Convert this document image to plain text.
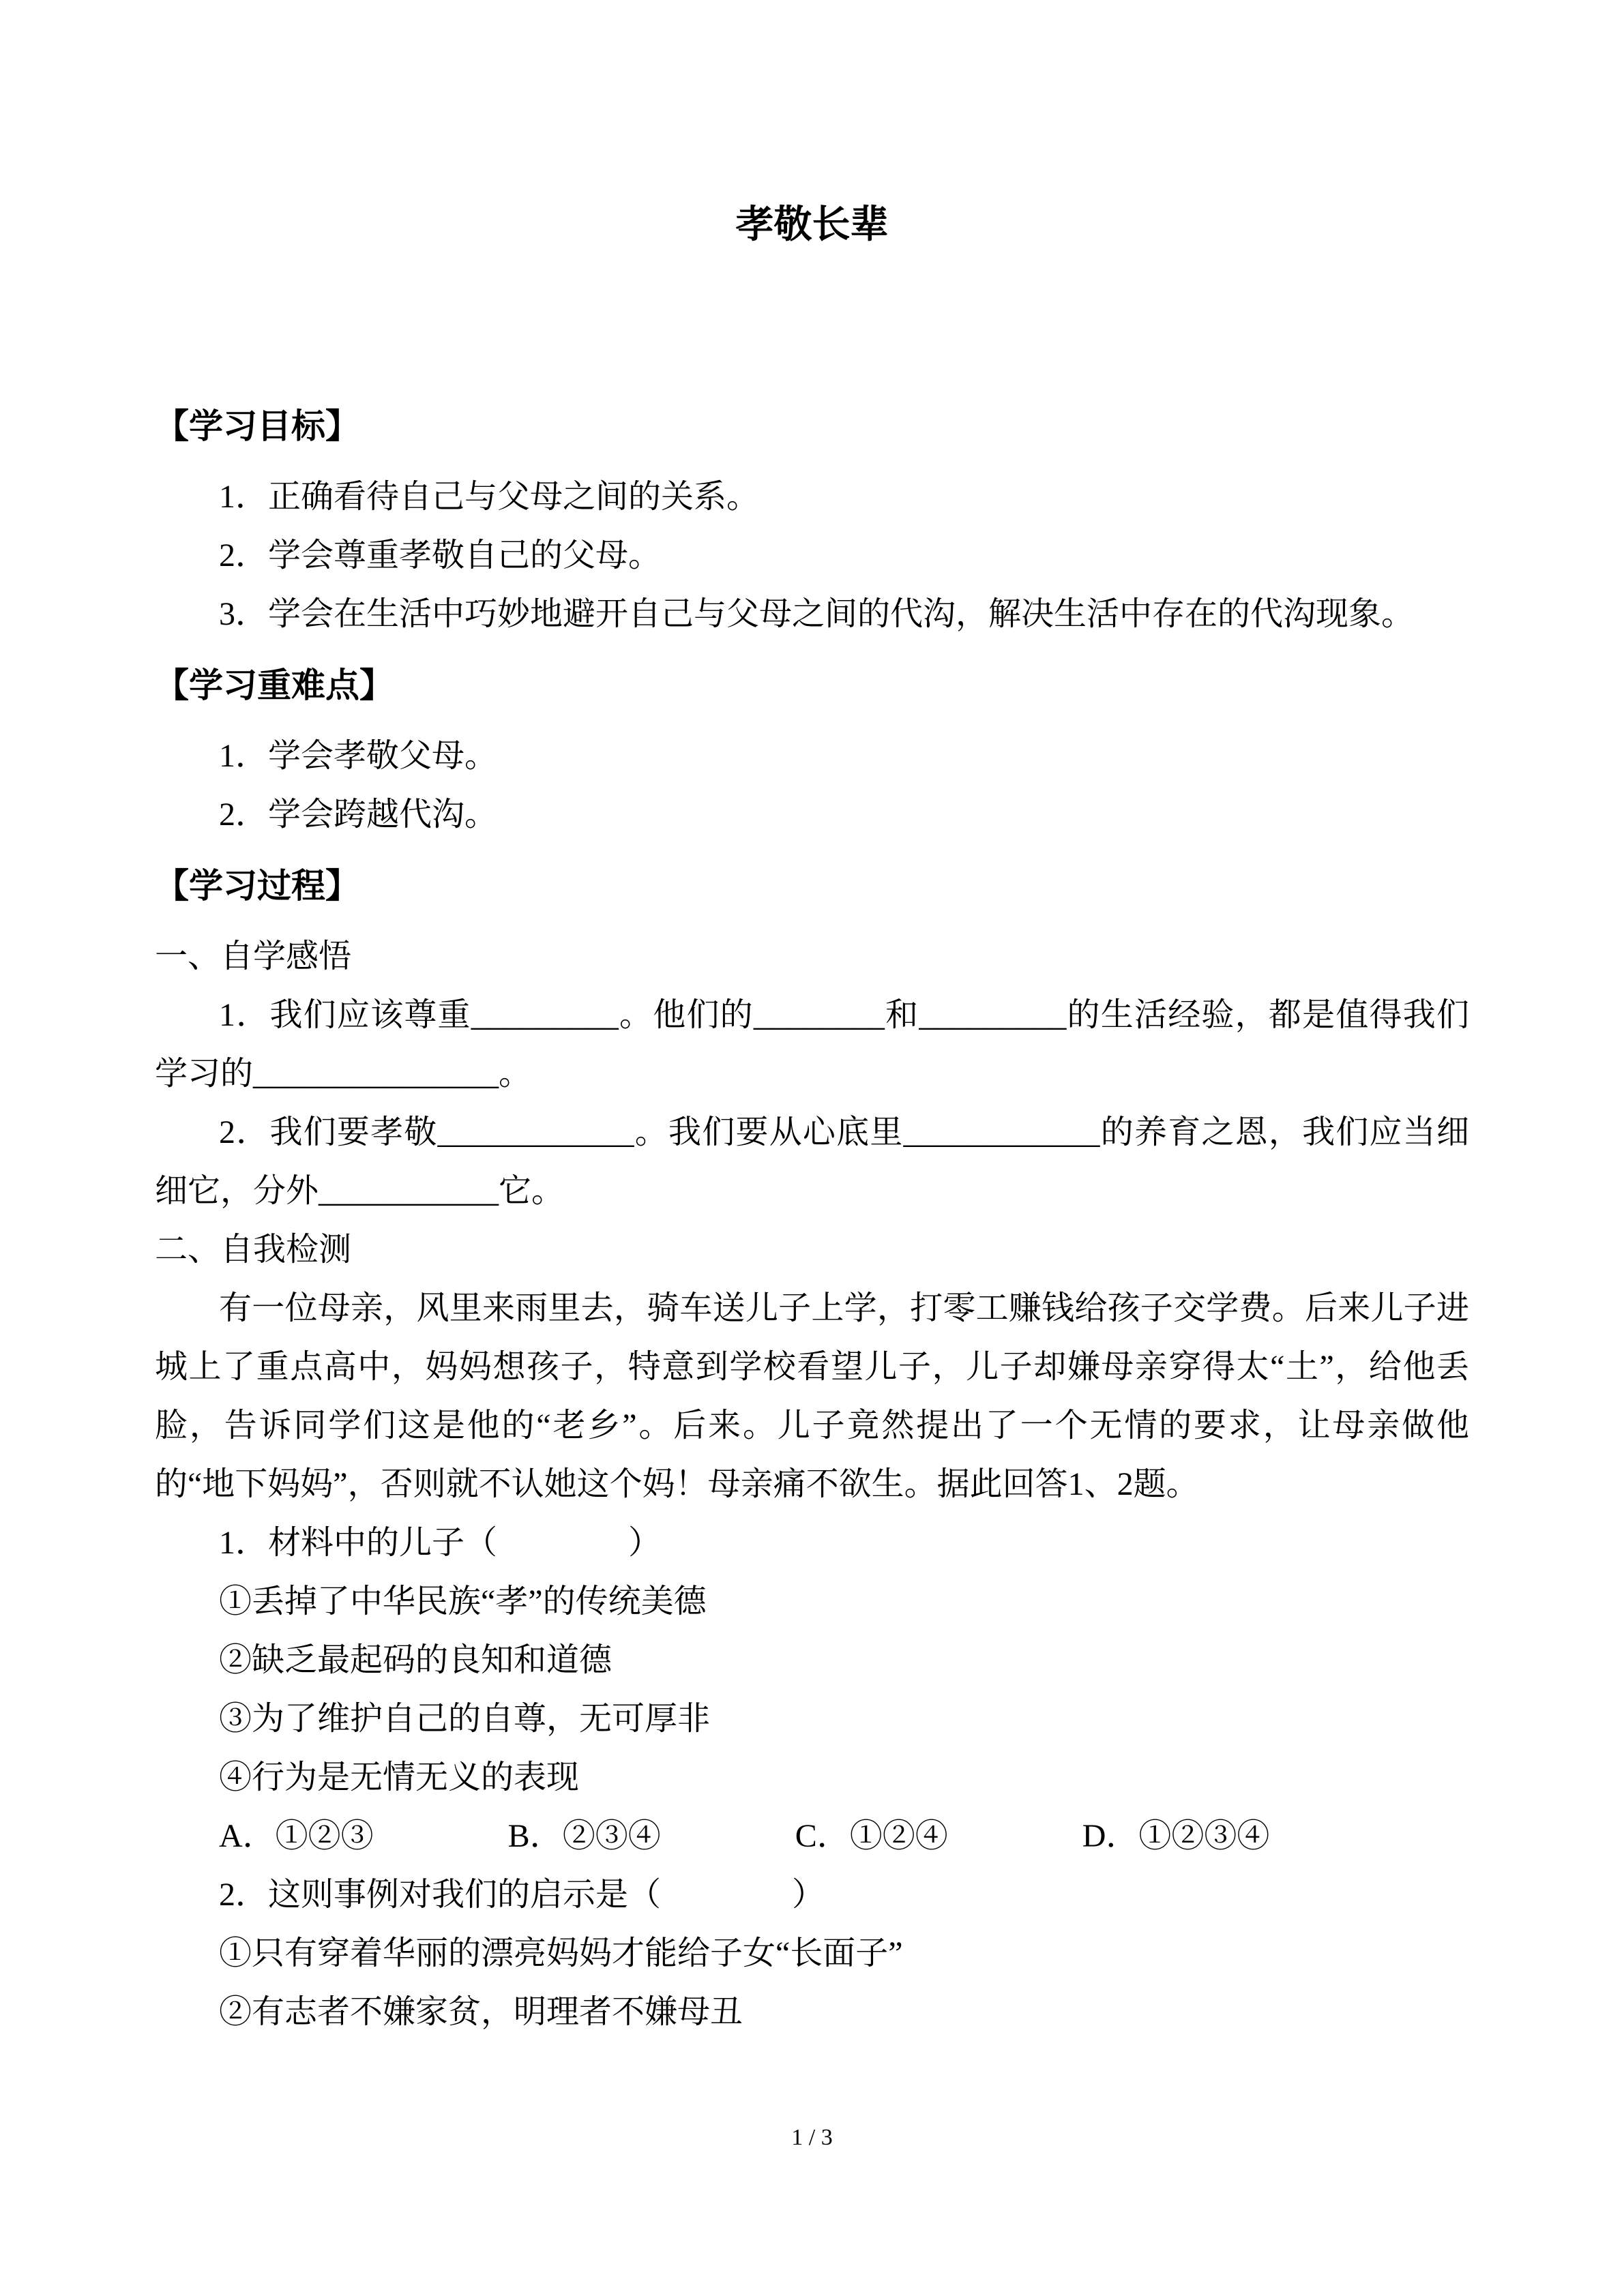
孝敬长辈
【学习目标】

1．正确看待自己与父母之间的关系。

2．学会尊重孝敬自己的父母。

3．学会在生活中巧妙地避开自己与父母之间的代沟，解决生活中存在的代沟现象。

【学习重难点】

1．学会孝敬父母。

2．学会跨越代沟。

【学习过程】

一、自学感悟

1．我们应该尊重_________。他们的________和_________的生活经验，都是值得我们学习的_______________。

2．我们要孝敬____________。我们要从心底里____________的养育之恩，我们应当细细它，分外___________它。

二、自我检测

有一位母亲，风里来雨里去，骑车送儿子上学，打零工赚钱给孩子交学费。后来儿子进城上了重点高中，妈妈想孩子，特意到学校看望儿子，儿子却嫌母亲穿得太“土”，给他丢脸，告诉同学们这是他的“老乡”。后来。儿子竟然提出了一个无情的要求，让母亲做他的“地下妈妈”，否则就不认她这个妈！母亲痛不欲生。据此回答1、2题。

1．材料中的儿子（　　　　）

①丢掉了中华民族“孝”的传统美德

②缺乏最起码的良知和道德

③为了维护自己的自尊，无可厚非

④行为是无情无义的表现

A．①②③	B．②③④	C．①②④	D．①②③④

2．这则事例对我们的启示是（　　　　）

①只有穿着华丽的漂亮妈妈才能给子女“长面子”

②有志者不嫌家贫，明理者不嫌母丑

1 / 3
